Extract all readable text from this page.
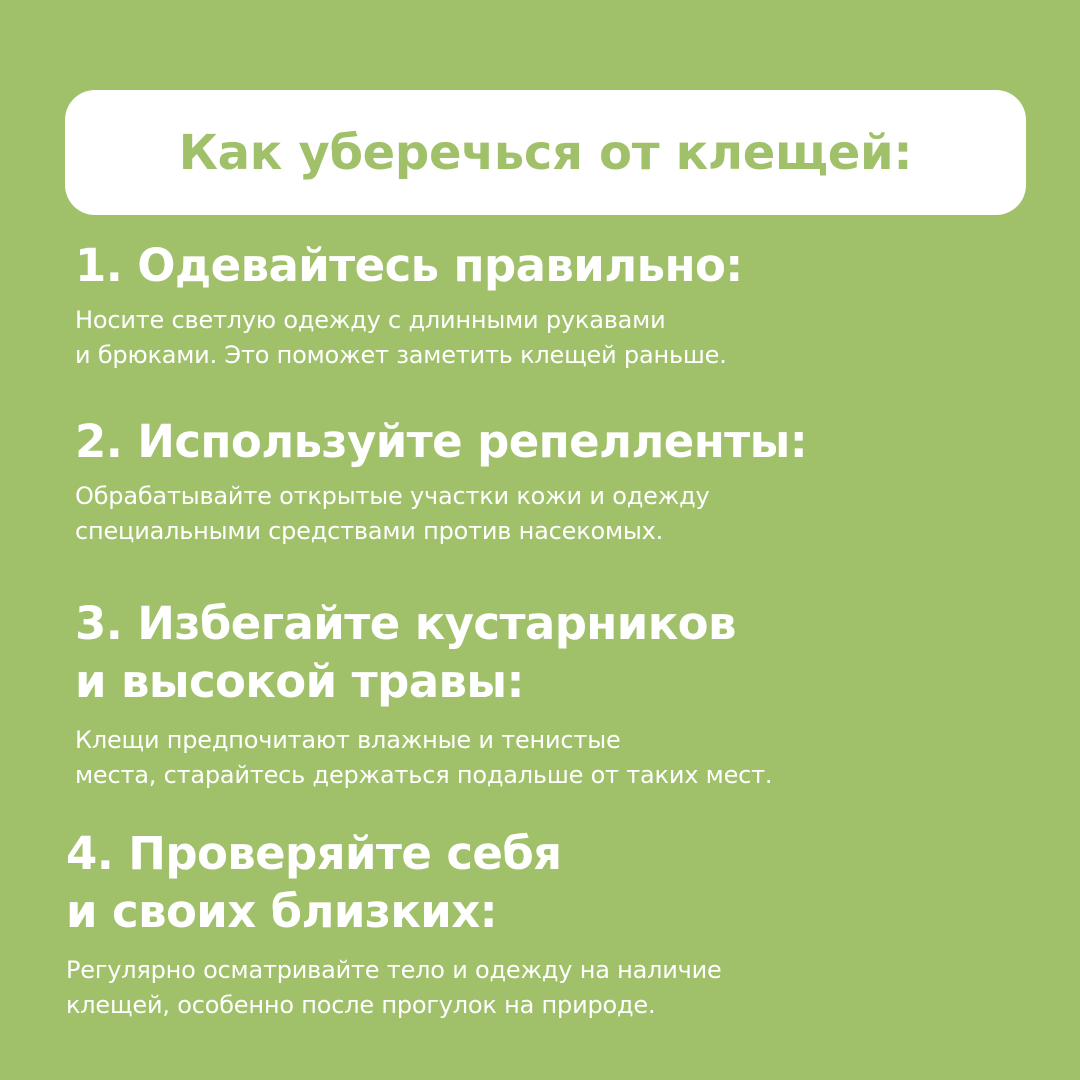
Как уберечься от клещей:
1. Одевайтесь правильно:
Носите светлую одежду с длинными рукавами
и брюками. Это поможет заметить клещей раньше.
2. Используйте репелленты:
Обрабатывайте открытые участки кожи и одежду
специальными средствами против насекомых.
3. Избегайте кустарников
и высокой травы:
Клещи предпочитают влажные и тенистые
места, старайтесь держаться подальше от таких мест.
4. Проверяйте себя
и своих близких:
Регулярно осматривайте тело и одежду на наличие
клещей, особенно после прогулок на природе.
